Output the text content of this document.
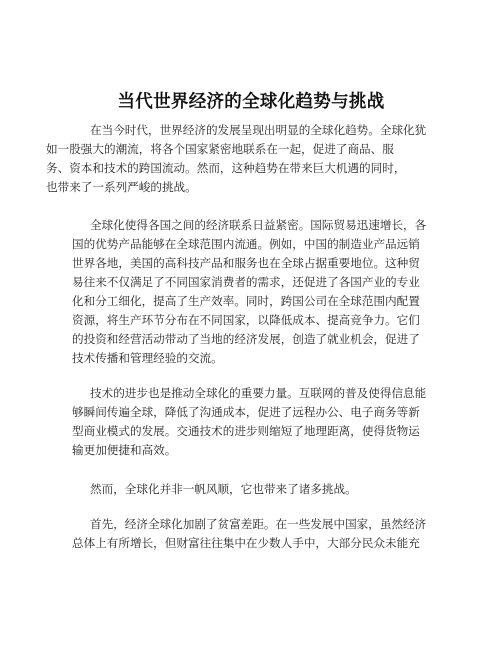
当代世界经济的全球化趋势与挑战

在当今时代，世界经济的发展呈现出明显的全球化趋势。全球化犹
如一股强大的潮流，将各个国家紧密地联系在一起，促进了商品、服
务、资本和技术的跨国流动。然而，这种趋势在带来巨大机遇的同时，
也带来了一系列严峻的挑战。

全球化使得各国之间的经济联系日益紧密。国际贸易迅速增长，各
国的优势产品能够在全球范围内流通。例如，中国的制造业产品远销
世界各地，美国的高科技产品和服务也在全球占据重要地位。这种贸
易往来不仅满足了不同国家消费者的需求，还促进了各国产业的专业
化和分工细化，提高了生产效率。同时，跨国公司在全球范围内配置
资源，将生产环节分布在不同国家，以降低成本、提高竞争力。它们
的投资和经营活动带动了当地的经济发展，创造了就业机会，促进了
技术传播和管理经验的交流。

技术的进步也是推动全球化的重要力量。互联网的普及使得信息能
够瞬间传遍全球，降低了沟通成本，促进了远程办公、电子商务等新
型商业模式的发展。交通技术的进步则缩短了地理距离，使得货物运
输更加便捷和高效。

然而，全球化并非一帆风顺，它也带来了诸多挑战。

首先，经济全球化加剧了贫富差距。在一些发展中国家，虽然经济
总体上有所增长，但财富往往集中在少数人手中，大部分民众未能充
